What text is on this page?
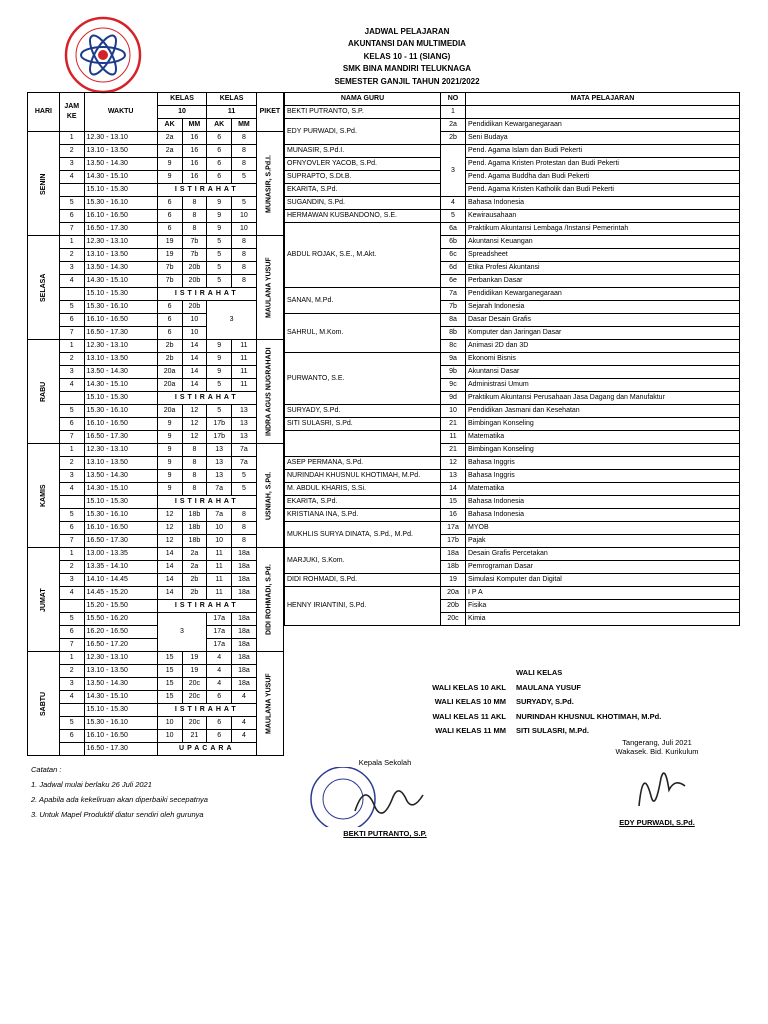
JADWAL PELAJARAN
AKUNTANSI DAN MULTIMEDIA
KELAS 10 - 11 (SIANG)
SMK BINA MANDIRI TELUKNAGA
SEMESTER GANJIL TAHUN 2021/2022
HARI	JAM KE	WAKTU	KELAS		KELAS		PIKET
			10		11		
			AK	MM	AK	MM	
SENIN	1	12.30 - 13.10	2a	16	6	8	MUNASIR, S.Pd.I.
	2	13.10 - 13.50	2a	16	6	8	
	3	13.50 - 14.30	9	16	6	8	
	4	14.30 - 15.10	9	16	6	5	
		15.10 - 15.30	ISTIRAHAT				
	5	15.30 - 16.10	6	8	9	5	
	6	16.10 - 16.50	6	8	9	10	
	7	16.50 - 17.30	6	8	9	10	
SELASA	1	12.30 - 13.10	19	7b	5	8	MAULANA YUSUF
	2	13.10 - 13.50	19	7b	5	8	
	3	13.50 - 14.30	7b	20b	5	8	
	4	14.30 - 15.10	7b	20b	5	8	
		15.10 - 15.30	ISTIRAHAT				
	5	15.30 - 16.10	6	20b	3		
	6	16.10 - 16.50	6	10			
	7	16.50 - 17.30	6	10			
RABU	1	12.30 - 13.10	2b	14	9	11	INDRA AGUS NUGRAHADI
	2	13.10 - 13.50	2b	14	9	11	
	3	13.50 - 14.30	20a	14	9	11	
	4	14.30 - 15.10	20a	14	5	11	
		15.10 - 15.30	ISTIRAHAT				
	5	15.30 - 16.10	20a	12	5	13	
	6	16.10 - 16.50	9	12	17b	13	
	7	16.50 - 17.30	9	12	17b	13	
KAMIS	1	12.30 - 13.10	9	8	13	7a	USNIAH, S.Pd.
	2	13.10 - 13.50	9	8	13	7a	
	3	13.50 - 14.30	9	8	13	5	
	4	14.30 - 15.10	9	8	7a	5	
		15.10 - 15.30	ISTIRAHAT				
	5	15.30 - 16.10	12	18b	7a	8	
	6	16.10 - 16.50	12	18b	10	8	
	7	16.50 - 17.30	12	18b	10	8	
JUMAT	1	13.00 - 13.35	14	2a	11	18a	DIDI ROHMADI, S.Pd.
	2	13.35 - 14.10	14	2a	11	18a	
	3	14.10 - 14.45	14	2b	11	18a	
	4	14.45 - 15.20	14	2b	11	18a	
		15.20 - 15.50	ISTIRAHAT				
	5	15.50 - 16.20	3		17a	18a	
	6	16.20 - 16.50			17a	18a	
	7	16.50 - 17.20			17a	18a	
SABTU	1	12.30 - 13.10	15	19	4	18a	MAULANA YUSUF
	2	13.10 - 13.50	15	19	4	18a	
	3	13.50 - 14.30	15	20c	4	18a	
	4	14.30 - 15.10	15	20c	6	4	
		15.10 - 15.30	ISTIRAHAT				
	5	15.30 - 16.10	10	20c	6	4	
	6	16.10 - 16.50	10	21	6	4	
		16.50 - 17.30	UPACARA				
NAMA GURU	NO	MATA PELAJARAN
BEKTI PUTRANTO, S.P.	1	
EDY PURWADI, S.Pd.	2a	Pendidikan Kewarganegaraan
	2b	Seni Budaya
MUNASIR, S.Pd.I.	3	Pend. Agama Islam dan Budi Pekerti
OFNYOVLER YACOB, S.Pd.		Pend. Agama Kristen Protestan dan Budi Pekerti
SUPRAPTO, S.Dt.B.		Pend. Agama Buddha dan Budi Pekerti
EKARITA, S.Pd.		Pend. Agama Kristen Katholik dan Budi Pekerti
SUGANDIN, S.Pd.	4	Bahasa Indonesia
HERMAWAN KUSBANDONO, S.E.	5	Kewirausahaan
ABDUL ROJAK, S.E., M.Akt.	6a	Praktikum Akuntansi Lembaga /Instansi Pemerintah
	6b	Akuntansi Keuangan
	6c	Spreadsheet
	6d	Etika Profesi Akuntansi
	6e	Perbankan Dasar
SANAN, M.Pd.	7a	Pendidikan Kewarganegaraan
	7b	Sejarah Indonesia
SAHRUL, M.Kom.	8a	Dasar Desain Grafis
	8b	Komputer dan Jaringan Dasar
	8c	Animasi 2D dan 3D
PURWANTO, S.E.	9a	Ekonomi Bisnis
	9b	Akuntansi Dasar
	9c	Administrasi Umum
	9d	Praktikum Akuntansi Perusahaan Jasa Dagang dan Manufaktur
SURYADY, S.Pd.	10	Pendidikan Jasmani dan Kesehatan
SITI SULASRI, S.Pd.	21	Bimbingan Konseling
	11	Matematika
	21	Bimbingan Konseling
ASEP PERMANA, S.Pd.	12	Bahasa Inggris
NURINDAH KHUSNUL KHOTIMAH, M.Pd.	13	Bahasa Inggris
M. ABDUL KHARIS, S.Si.	14	Matematika
EKARITA, S.Pd.	15	Bahasa Indonesia
KRISTIANA INA, S.Pd.	16	Bahasa Indonesia
MUKHLIS SURYA DINATA, S.Pd., M.Pd.	17a	MYOB
	17b	Pajak
MARJUKI, S.Kom.	18a	Desain Grafis Percetakan
	18b	Pemrograman Dasar
DIDI ROHMADI, S.Pd.	19	Simulasi Komputer dan Digital
HENNY IRIANTINI, S.Pd.	20a	I P A
	20b	Fisika
	20c	Kimia
WALI KELAS
WALI KELAS 10 AKL MAULANA YUSUF
WALI KELAS 10 MM SURYADY, S.Pd.
WALI KELAS 11 AKL NURINDAH KHUSNUL KHOTIMAH, M.Pd.
WALI KELAS 11 MM SITI SULASRI, M.Pd.
Catatan :
1. Jadwal mulai berlaku 26 Juli 2021
2. Apabila ada kekeliruan akan diperbaiki secepatnya
3. Untuk Mapel Produktif diatur sendiri oleh gurunya
Kepala Sekolah
BEKTI PUTRANTO, S.P.
Tangerang, Juli 2021
Wakasek. Bid. Kurikulum
EDY PURWADI, S.Pd.
